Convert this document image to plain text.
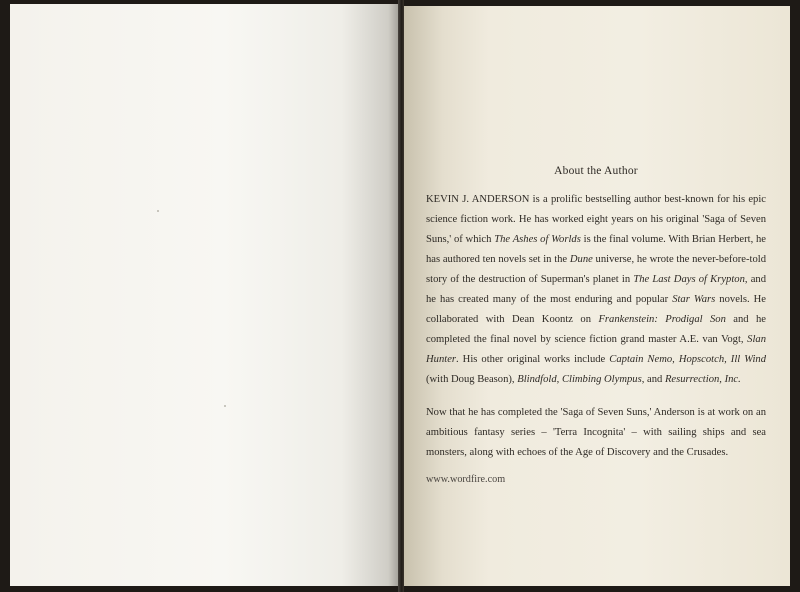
About the Author

KEVIN J. ANDERSON is a prolific bestselling author best-known for his epic science fiction work. He has worked eight years on his original 'Saga of Seven Suns,' of which The Ashes of Worlds is the final volume. With Brian Herbert, he has authored ten novels set in the Dune universe, he wrote the never-before-told story of the destruction of Superman's planet in The Last Days of Krypton, and he has created many of the most enduring and popular Star Wars novels. He collaborated with Dean Koontz on Frankenstein: Prodigal Son and he completed the final novel by science fiction grand master A.E. van Vogt, Slan Hunter. His other original works include Captain Nemo, Hopscotch, Ill Wind (with Doug Beason), Blindfold, Climbing Olympus, and Resurrection, Inc.

Now that he has completed the 'Saga of Seven Suns,' Anderson is at work on an ambitious fantasy series – 'Terra Incognita' – with sailing ships and sea monsters, along with echoes of the Age of Discovery and the Crusades.

www.wordfire.com
